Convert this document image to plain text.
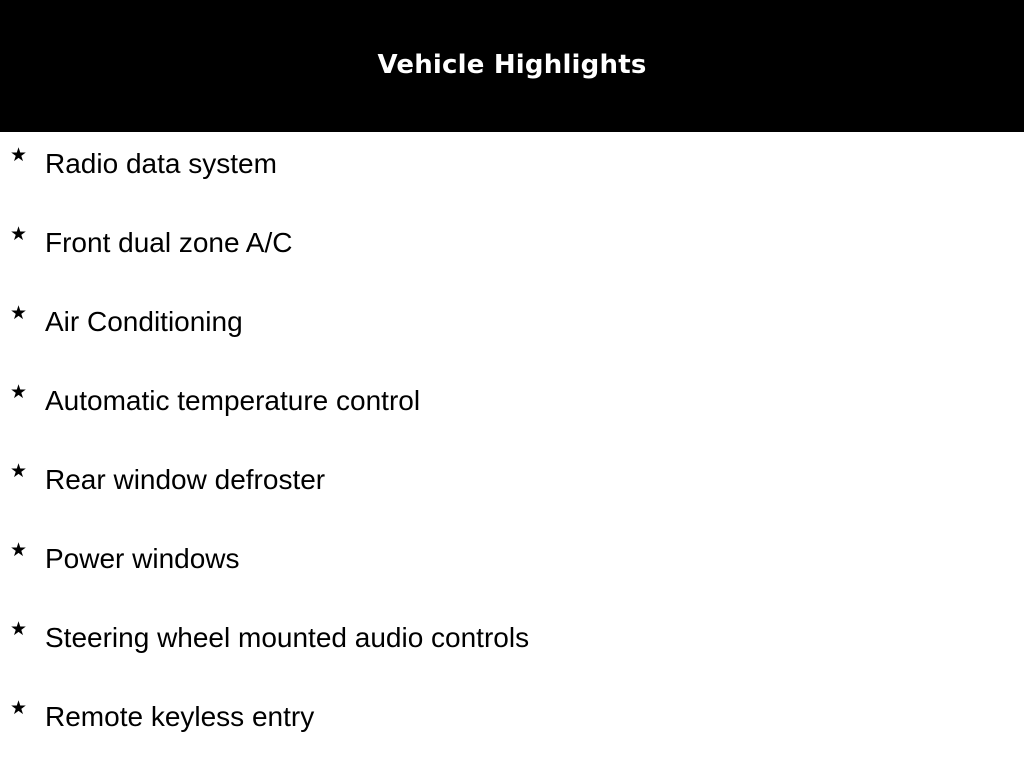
Vehicle Highlights
★ Radio data system
★ Front dual zone A/C
★ Air Conditioning
★ Automatic temperature control
★ Rear window defroster
★ Power windows
★ Steering wheel mounted audio controls
★ Remote keyless entry
